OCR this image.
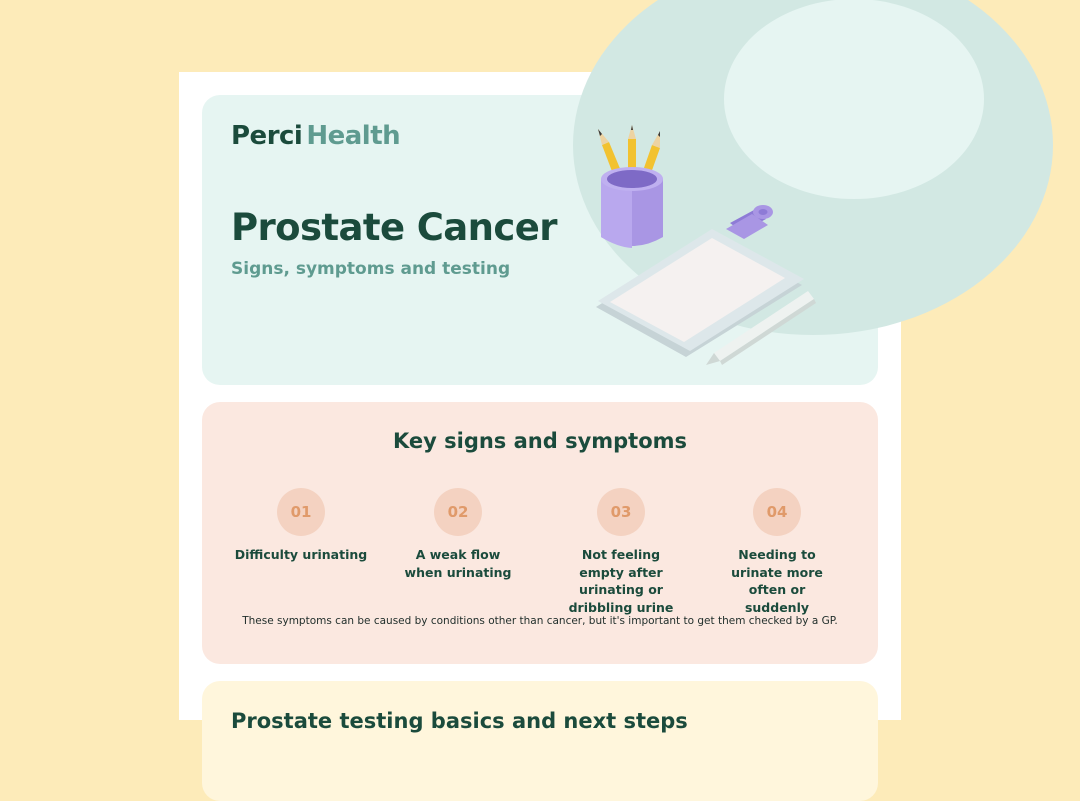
Perci Health
Prostate Cancer
Signs, symptoms and testing
Key signs and symptoms
01
Difficulty urinating
02
A weak flow when urinating
03
Not feeling empty after urinating or dribbling urine
04
Needing to urinate more often or suddenly
These symptoms can be caused by conditions other than cancer, but it's important to get them checked by a GP.
Prostate testing basics and next steps
